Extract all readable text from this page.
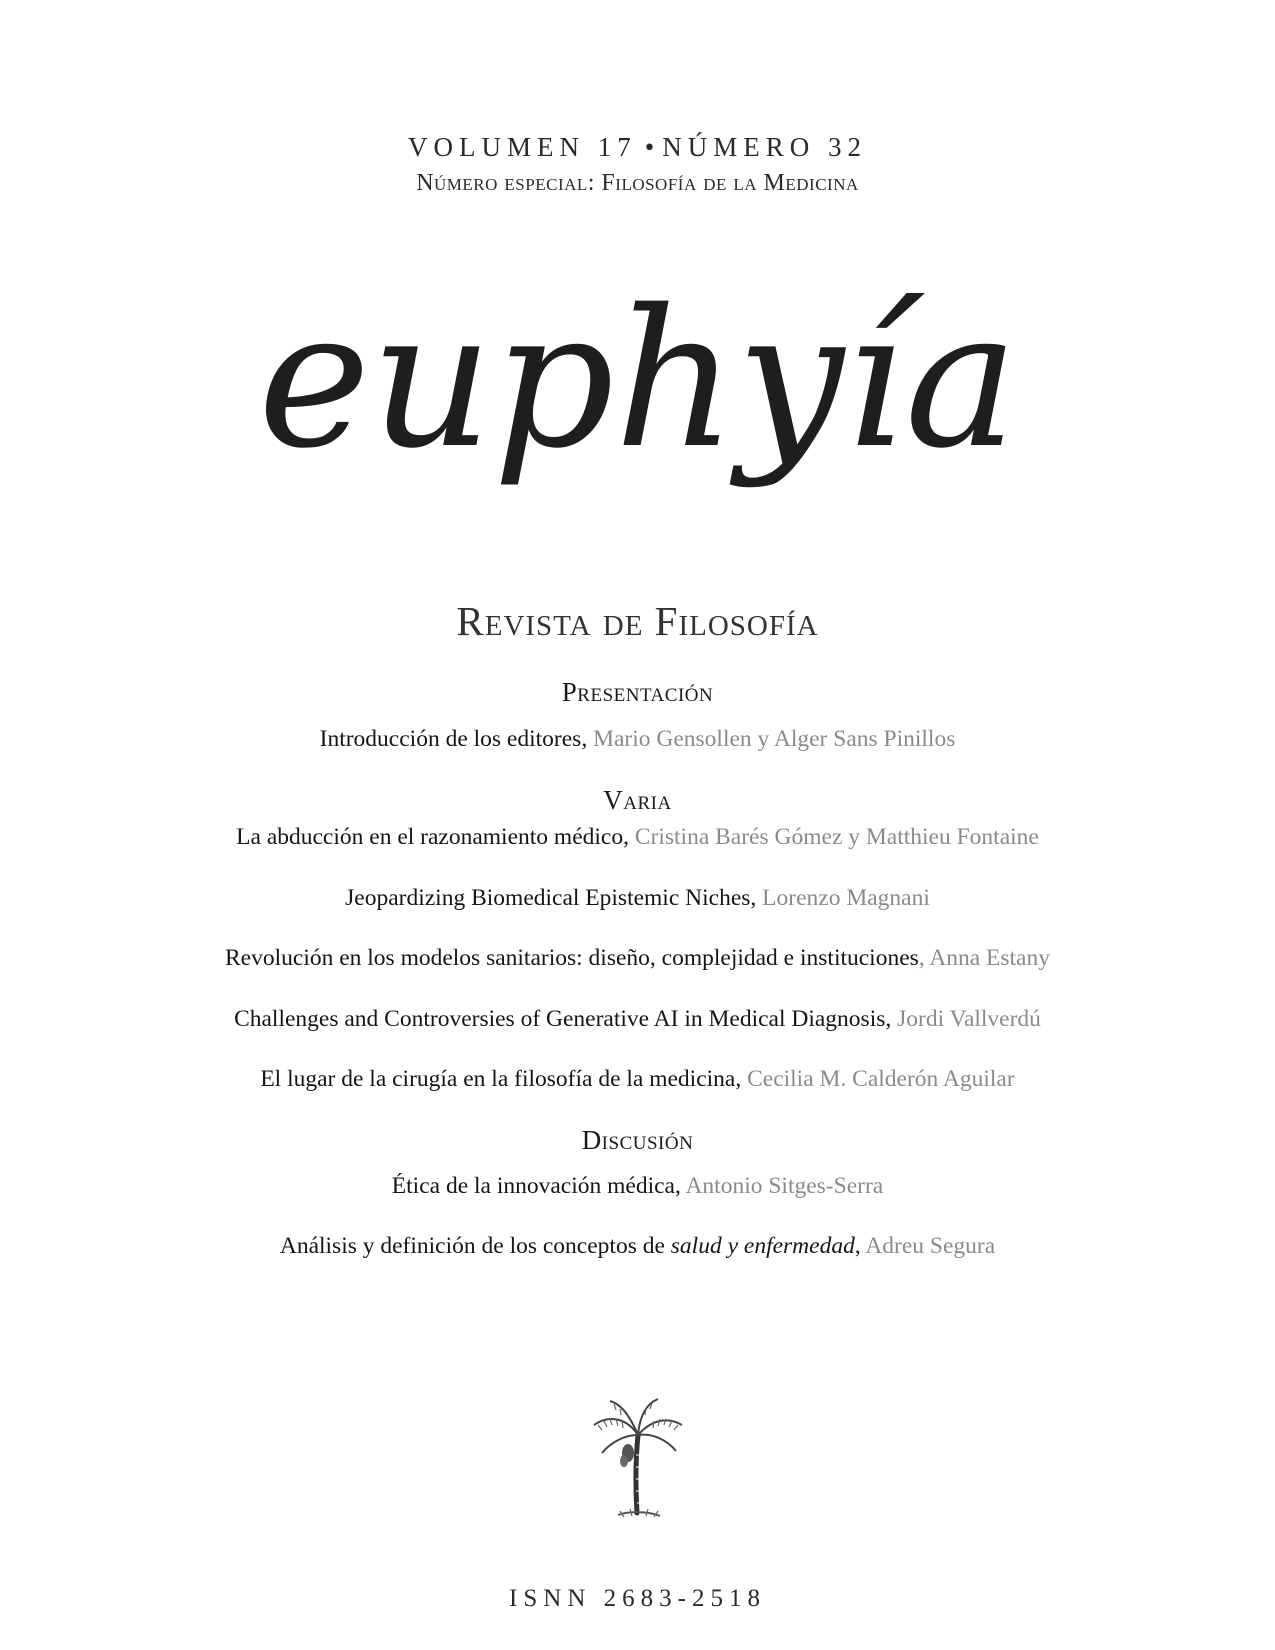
VOLUMEN 17 • NÚMERO 32
Número especial: Filosofía de la Medicina
euphyía
Revista de Filosofía
Presentación
Introducción de los editores, Mario Gensollen y Alger Sans Pinillos
Varia
La abducción en el razonamiento médico, Cristina Barés Gómez y Matthieu Fontaine
Jeopardizing Biomedical Epistemic Niches, Lorenzo Magnani
Revolución en los modelos sanitarios: diseño, complejidad e instituciones, Anna Estany
Challenges and Controversies of Generative AI in Medical Diagnosis, Jordi Vallverdú
El lugar de la cirugía en la filosofía de la medicina, Cecilia M. Calderón Aguilar
Discusión
Ética de la innovación médica, Antonio Sitges-Serra
Análisis y definición de los conceptos de salud y enfermedad, Adreu Segura
ISNN 2683-2518
